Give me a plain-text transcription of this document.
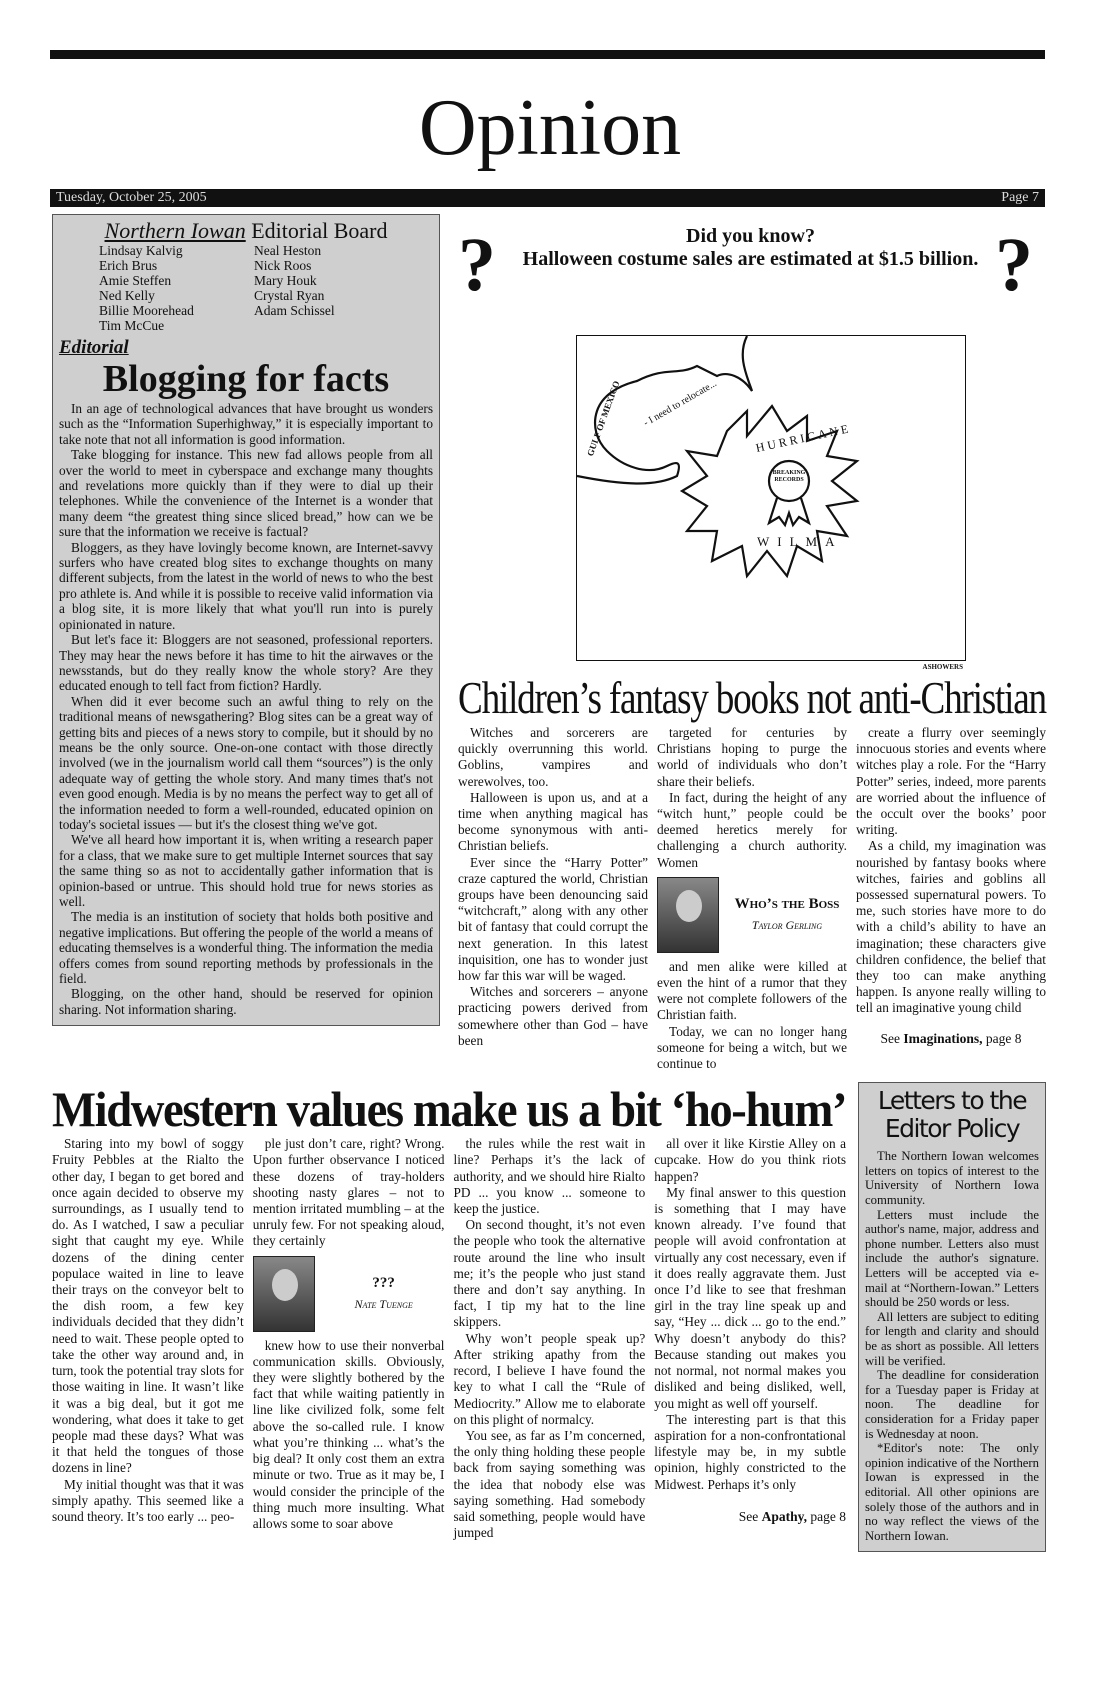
Opinion
Tuesday, October 25, 2005	Page 7
Northern Iowan Editorial Board
Lindsay Kalvig	Neal Heston
Erich Brus	Nick Roos
Amie Steffen	Mary Houk
Ned Kelly	Crystal Ryan
Billie Moorehead	Adam Schissel
Tim McCue
Editorial
Blogging for facts

In an age of technological advances that have brought us wonders such as the “Information Superhighway,” it is especially important to take note that not all information is good information.

Take blogging for instance. This new fad allows people from all over the world to meet in cyberspace and exchange many thoughts and revelations more quickly than if they were to dial up their telephones. While the convenience of the Internet is a wonder that many deem “the greatest thing since sliced bread,” how can we be sure that the information we receive is factual?

Bloggers, as they have lovingly become known, are Internet-savvy surfers who have created blog sites to exchange thoughts on many different subjects, from the latest in the world of news to who the best pro athlete is. And while it is possible to receive valid information via a blog site, it is more likely that what you'll run into is purely opinionated in nature.

But let's face it: Bloggers are not seasoned, professional reporters. They may hear the news before it has time to hit the airwaves or the newsstands, but do they really know the whole story? Are they educated enough to tell fact from fiction? Hardly.

When did it ever become such an awful thing to rely on the traditional means of newsgathering? Blog sites can be a great way of getting bits and pieces of a news story to compile, but it should by no means be the only source. One-on-one contact with those directly involved (we in the journalism world call them “sources”) is the only adequate way of getting the whole story. And many times that's not even good enough. Media is by no means the perfect way to get all of the information needed to form a well-rounded, educated opinion on today's societal issues — but it's the closest thing we've got.

We've all heard how important it is, when writing a research paper for a class, that we make sure to get multiple Internet sources that say the same thing so as not to accidentally gather information that is opinion-based or untrue. This should hold true for news stories as well.

The media is an institution of society that holds both positive and negative implications. But offering the people of the world a means of educating themselves is a wonderful thing. The information the media offers comes from sound reporting methods by professionals in the field.

Blogging, on the other hand, should be reserved for opinion sharing. Not information sharing.

?	Did you know?
Halloween costume sales are estimated at $1.5 billion. ?
GULF OF MEXICO - I need to relocate...
HURRICANE
BREAKING RECORDS
WILMA
ASHOWERS
Children’s fantasy books not anti-Christian

Witches and sorcerers are quickly overrunning this world. Goblins, vampires and werewolves, too.

Halloween is upon us, and at a time when anything magical has become synonymous with anti-Christian beliefs.

Ever since the “Harry Potter” craze captured the world, Christian groups have been denouncing said “witchcraft,” along with any other bit of fantasy that could corrupt the next generation. In this latest inquisition, one has to wonder just how far this war will be waged.

Witches and sorcerers – anyone practicing powers derived from somewhere other than God – have been

targeted for centuries by Christians hoping to purge the world of individuals who don’t share their beliefs.

In fact, during the height of any “witch hunt,” people could be deemed heretics merely for challenging a church authority. Women

Who’s the Boss
Taylor Gerling

and men alike were killed at even the hint of a rumor that they were not complete followers of the Christian faith.

Today, we can no longer hang someone for being a witch, but we continue to

create a flurry over seemingly innocuous stories and events where witches play a role. For the “Harry Potter” series, indeed, more parents are worried about the influence of the occult over the books’ poor writing.

As a child, my imagination was nourished by fantasy books where witches, fairies and goblins all possessed supernatural powers. To me, such stories have more to do with a child’s ability to have an imagination; these characters give children confidence, the belief that they too can make anything happen. Is anyone really willing to tell an imaginative young child

See Imaginations, page 8
Midwestern values make us a bit ‘ho-hum’

Staring into my bowl of soggy Fruity Pebbles at the Rialto the other day, I began to get bored and once again decided to observe my surroundings, as I usually tend to do. As I watched, I saw a peculiar sight that caught my eye. While dozens of the dining center populace waited in line to leave their trays on the conveyor belt to the dish room, a few key individuals decided that they didn’t need to wait. These people opted to take the other way around and, in turn, took the potential tray slots for those waiting in line. It wasn’t like it was a big deal, but it got me wondering, what does it take to get people mad these days? What was it that held the tongues of those dozens in line?

My initial thought was that it was simply apathy. This seemed like a sound theory. It’s too early ... peo-

ple just don’t care, right? Wrong. Upon further observance I noticed these dozens of tray-holders shooting nasty glares – not to mention irritated mumbling – at the unruly few. For not speaking aloud, they certainly

???
Nate Tuenge

knew how to use their nonverbal communication skills. Obviously, they were slightly bothered by the fact that while waiting patiently in line like civilized folk, some felt above the so-called rule. I know what you’re thinking ... what’s the big deal? It only cost them an extra minute or two. True as it may be, I would consider the principle of the thing much more insulting. What allows some to soar above

the rules while the rest wait in line? Perhaps it’s the lack of authority, and we should hire Rialto PD ... you know ... someone to keep the justice.

On second thought, it’s not even the people who took the alternative route around the line who insult me; it’s the people who just stand there and don’t say anything. In fact, I tip my hat to the line skippers.

Why won’t people speak up? After striking apathy from the record, I believe I have found the key to what I call the “Rule of Mediocrity.” Allow me to elaborate on this plight of normalcy.

You see, as far as I’m concerned, the only thing holding these people back from saying something was the idea that nobody else was saying something. Had somebody said something, people would have jumped

all over it like Kirstie Alley on a cupcake. How do you think riots happen?

My final answer to this question is something that I may have known already. I’ve found that people will avoid confrontation at virtually any cost necessary, even if it does really aggravate them. Just once I’d like to see that freshman girl in the tray line speak up and say, “Hey ... dick ... go to the end.” Why doesn’t anybody do this? Because standing out makes you not normal, not normal makes you disliked and being disliked, well, you might as well off yourself.

The interesting part is that this aspiration for a non-confrontational lifestyle may be, in my subtle opinion, highly constricted to the Midwest. Perhaps it’s only

See Apathy, page 8
Letters to the Editor Policy

The Northern Iowan welcomes letters on topics of interest to the University of Northern Iowa community.

Letters must include the author's name, major, address and phone number. Letters also must include the author's signature. Letters will be accepted via e-mail at “Northern-Iowan.” Letters should be 250 words or less.

All letters are subject to editing for length and clarity and should be as short as possible. All letters will be verified.

The deadline for consideration for a Tuesday paper is Friday at noon. The deadline for consideration for a Friday paper is Wednesday at noon.

*Editor's note: The only opinion indicative of the Northern Iowan is expressed in the editorial. All other opinions are solely those of the authors and in no way reflect the views of the Northern Iowan.
